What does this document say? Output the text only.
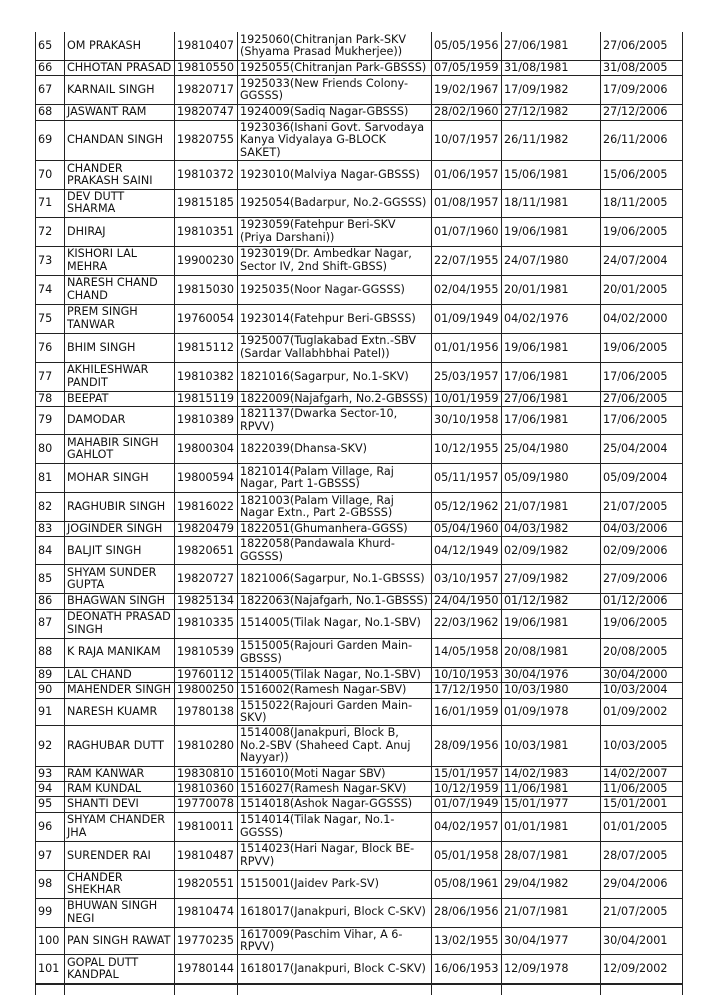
65	OM PRAKASH	19810407	1925060(Chitranjan Park-SKV (Shyama Prasad Mukherjee))	05/05/1956	27/06/1981	27/06/2005
66	CHHOTAN PRASAD	19810550	1925055(Chitranjan Park-GBSSS)	07/05/1959	31/08/1981	31/08/2005
67	KARNAIL SINGH	19820717	1925033(New Friends Colony-GGSSS)	19/02/1967	17/09/1982	17/09/2006
68	JASWANT RAM	19820747	1924009(Sadiq Nagar-GBSSS)	28/02/1960	27/12/1982	27/12/2006
69	CHANDAN SINGH	19820755	1923036(Ishani Govt. Sarvodaya Kanya Vidyalaya G-BLOCK SAKET)	10/07/1957	26/11/1982	26/11/2006
70	CHANDER PRAKASH SAINI	19810372	1923010(Malviya Nagar-GBSSS)	01/06/1957	15/06/1981	15/06/2005
71	DEV DUTT SHARMA	19815185	1925054(Badarpur, No.2-GGSSS)	01/08/1957	18/11/1981	18/11/2005
72	DHIRAJ	19810351	1923059(Fatehpur Beri-SKV (Priya Darshani))	01/07/1960	19/06/1981	19/06/2005
73	KISHORI LAL MEHRA	19900230	1923019(Dr. Ambedkar Nagar, Sector IV, 2nd Shift-GBSS)	22/07/1955	24/07/1980	24/07/2004
74	NARESH CHAND CHAND	19815030	1925035(Noor Nagar-GGSSS)	02/04/1955	20/01/1981	20/01/2005
75	PREM SINGH TANWAR	19760054	1923014(Fatehpur Beri-GBSSS)	01/09/1949	04/02/1976	04/02/2000
76	BHIM SINGH	19815112	1925007(Tuglakabad Extn.-SBV (Sardar Vallabhbhai Patel))	01/01/1956	19/06/1981	19/06/2005
77	AKHILESHWAR PANDIT	19810382	1821016(Sagarpur, No.1-SKV)	25/03/1957	17/06/1981	17/06/2005
78	BEEPAT	19815119	1822009(Najafgarh, No.2-GBSSS)	10/01/1959	27/06/1981	27/06/2005
79	DAMODAR	19810389	1821137(Dwarka Sector-10, RPVV)	30/10/1958	17/06/1981	17/06/2005
80	MAHABIR SINGH GAHLOT	19800304	1822039(Dhansa-SKV)	10/12/1955	25/04/1980	25/04/2004
81	MOHAR SINGH	19800594	1821014(Palam Village, Raj Nagar, Part 1-GBSSS)	05/11/1957	05/09/1980	05/09/2004
82	RAGHUBIR SINGH	19816022	1821003(Palam Village, Raj Nagar Extn., Part 2-GBSSS)	05/12/1962	21/07/1981	21/07/2005
83	JOGINDER SINGH	19820479	1822051(Ghumanhera-GGSS)	05/04/1960	04/03/1982	04/03/2006
84	BALJIT SINGH	19820651	1822058(Pandawala Khurd-GGSSS)	04/12/1949	02/09/1982	02/09/2006
85	SHYAM SUNDER GUPTA	19820727	1821006(Sagarpur, No.1-GBSSS)	03/10/1957	27/09/1982	27/09/2006
86	BHAGWAN SINGH	19825134	1822063(Najafgarh, No.1-GBSSS)	24/04/1950	01/12/1982	01/12/2006
87	DEONATH PRASAD SINGH	19810335	1514005(Tilak Nagar, No.1-SBV)	22/03/1962	19/06/1981	19/06/2005
88	K RAJA MANIKAM	19810539	1515005(Rajouri Garden Main-GBSSS)	14/05/1958	20/08/1981	20/08/2005
89	LAL CHAND	19760112	1514005(Tilak Nagar, No.1-SBV)	10/10/1953	30/04/1976	30/04/2000
90	MAHENDER SINGH	19800250	1516002(Ramesh Nagar-SBV)	17/12/1950	10/03/1980	10/03/2004
91	NARESH KUAMR	19780138	1515022(Rajouri Garden Main-SKV)	16/01/1959	01/09/1978	01/09/2002
92	RAGHUBAR DUTT	19810280	1514008(Janakpuri, Block B, No.2-SBV (Shaheed Capt. Anuj Nayyar))	28/09/1956	10/03/1981	10/03/2005
93	RAM KANWAR	19830810	1516010(Moti Nagar SBV)	15/01/1957	14/02/1983	14/02/2007
94	RAM KUNDAL	19810360	1516027(Ramesh Nagar-SKV)	10/12/1959	11/06/1981	11/06/2005
95	SHANTI DEVI	19770078	1514018(Ashok Nagar-GGSSS)	01/07/1949	15/01/1977	15/01/2001
96	SHYAM CHANDER JHA	19810011	1514014(Tilak Nagar, No.1-GGSSS)	04/02/1957	01/01/1981	01/01/2005
97	SURENDER RAI	19810487	1514023(Hari Nagar, Block BE-RPVV)	05/01/1958	28/07/1981	28/07/2005
98	CHANDER SHEKHAR	19820551	1515001(Jaidev Park-SV)	05/08/1961	29/04/1982	29/04/2006
99	BHUWAN SINGH NEGI	19810474	1618017(Janakpuri, Block C-SKV)	28/06/1956	21/07/1981	21/07/2005
100	PAN SINGH RAWAT	19770235	1617009(Paschim Vihar, A 6-RPVV)	13/02/1955	30/04/1977	30/04/2001
101	GOPAL DUTT KANDPAL	19780144	1618017(Janakpuri, Block C-SKV)	16/06/1953	12/09/1978	12/09/2002
